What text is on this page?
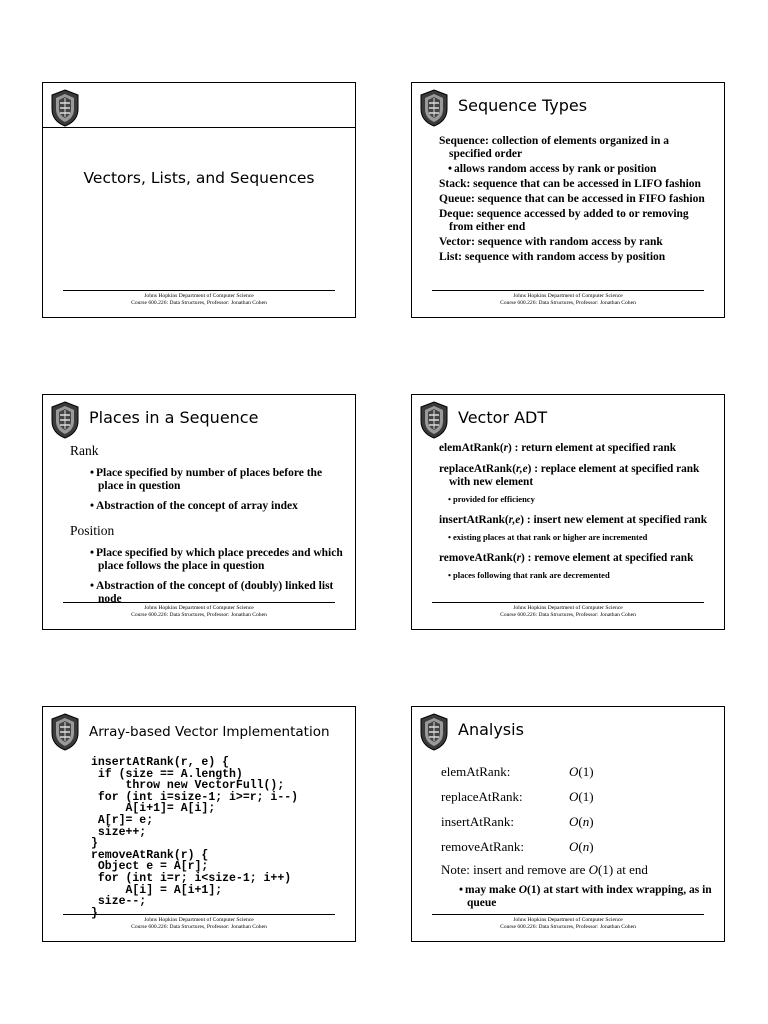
Vectors, Lists, and Sequences
Johns Hopkins Department of Computer Science
Course 600.226: Data Structures, Professor: Jonathan Cohen
Sequence Types
Sequence: collection of elements organized in a specified order
• allows random access by rank or position
Stack: sequence that can be accessed in LIFO fashion
Queue: sequence that can be accessed in FIFO fashion
Deque: sequence accessed by added to or removing from either end
Vector: sequence with random access by rank
List: sequence with random access by position
Johns Hopkins Department of Computer Science
Course 600.226: Data Structures, Professor: Jonathan Cohen
Places in a Sequence
Rank
• Place specified by number of places before the place in question
• Abstraction of the concept of array index
Position
• Place specified by which place precedes and which place follows the place in question
• Abstraction of the concept of (doubly) linked list node
Johns Hopkins Department of Computer Science
Course 600.226: Data Structures, Professor: Jonathan Cohen
Vector ADT
elemAtRank(r) : return element at specified rank
replaceAtRank(r,e) : replace element at specified rank with new element
• provided for efficiency
insertAtRank(r,e) : insert new element at specified rank
• existing places at that rank or higher are incremented
removeAtRank(r) : remove element at specified rank
• places following that rank are decremented
Johns Hopkins Department of Computer Science
Course 600.226: Data Structures, Professor: Jonathan Cohen
Array-based Vector Implementation
insertAtRank(r, e) {
if (size == A.length)
throw new VectorFull();
for (int i=size-1; i>=r; i--)
A[i+1]= A[i];
A[r]= e;
size++;
}
removeAtRank(r) {
Object e = A[r];
for (int i=r; i<size-1; i++)
A[i] = A[i+1];
size--;
}
Johns Hopkins Department of Computer Science
Course 600.226: Data Structures, Professor: Jonathan Cohen
Analysis
elemAtRank:	O(1)
replaceAtRank:	O(1)
insertAtRank:	O(n)
removeAtRank:	O(n)
Note: insert and remove are O(1) at end
• may make O(1) at start with index wrapping, as in queue
Johns Hopkins Department of Computer Science
Course 600.226: Data Structures, Professor: Jonathan Cohen
